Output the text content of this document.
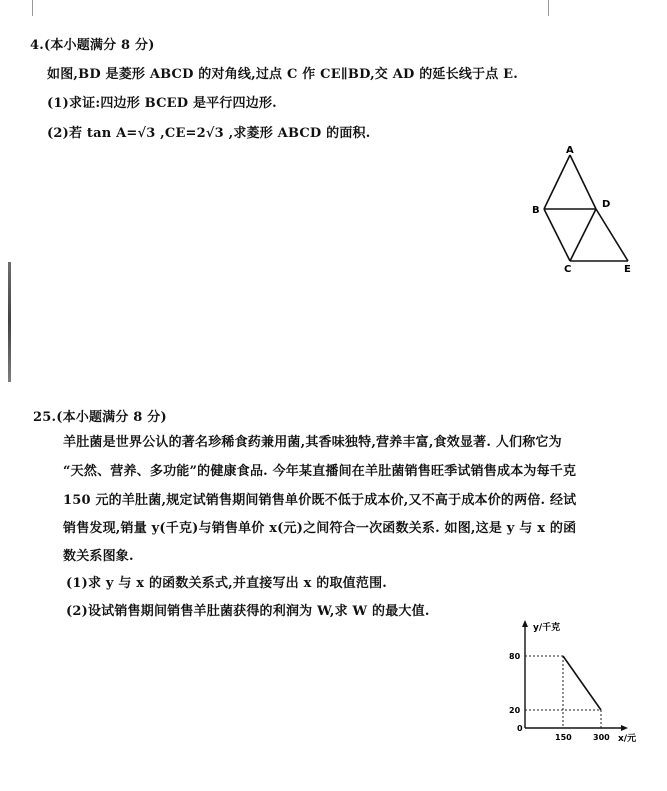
4.(本小题满分 8 分)
如图,BD 是菱形 ABCD 的对角线,过点 C 作 CE∥BD,交 AD 的延长线于点 E.
(1)求证:四边形 BCED 是平行四边形.
(2)若 tan A=√3 ,CE=2√3 ,求菱形 ABCD 的面积.
A
B
D
C	E
25.(本小题满分 8 分)
羊肚菌是世界公认的著名珍稀食药兼用菌,其香味独特,营养丰富,食效显著. 人们称它为
“天然、营养、多功能”的健康食品. 今年某直播间在羊肚菌销售旺季试销售成本为每千克
150 元的羊肚菌,规定试销售期间销售单价既不低于成本价,又不高于成本价的两倍. 经试
销售发现,销量 y(千克)与销售单价 x(元)之间符合一次函数关系. 如图,这是 y 与 x 的函
数关系图象.
(1)求 y 与 x 的函数关系式,并直接写出 x 的取值范围.
(2)设试销售期间销售羊肚菌获得的利润为 W,求 W 的最大值.
y/千克
x/元
0
80
20
150	300
